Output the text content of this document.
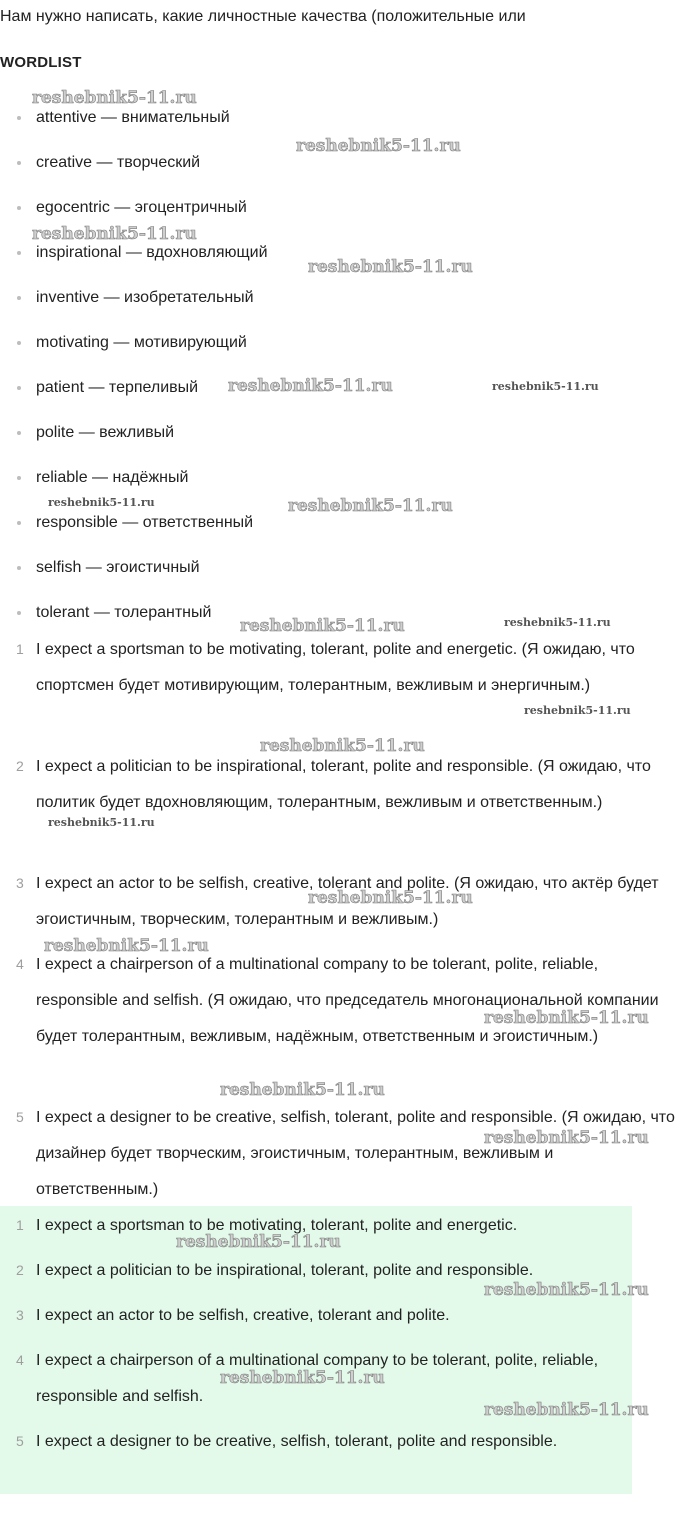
Нам нужно написать, какие личностные качества (положительные или
WORDLIST
attentive — внимательный
creative — творческий
egocentric — эгоцентричный
inspirational — вдохновляющий
inventive — изобретательный
motivating — мотивирующий
patient — терпеливый
polite — вежливый
reliable — надёжный
responsible — ответственный
selfish — эгоистичный
tolerant — толерантный
1 I expect a sportsman to be motivating, tolerant, polite and energetic. (Я ожидаю, что спортсмен будет мотивирующим, толерантным, вежливым и энергичным.)
2 I expect a politician to be inspirational, tolerant, polite and responsible. (Я ожидаю, что политик будет вдохновляющим, толерантным, вежливым и ответственным.)
3 I expect an actor to be selfish, creative, tolerant and polite. (Я ожидаю, что актёр будет эгоистичным, творческим, толерантным и вежливым.)
4 I expect a chairperson of a multinational company to be tolerant, polite, reliable, responsible and selfish. (Я ожидаю, что председатель многонациональной компании будет толерантным, вежливым, надёжным, ответственным и эгоистичным.)
5 I expect a designer to be creative, selfish, tolerant, polite and responsible. (Я ожидаю, что дизайнер будет творческим, эгоистичным, толерантным, вежливым и ответственным.)
1 I expect a sportsman to be motivating, tolerant, polite and energetic.
2 I expect a politician to be inspirational, tolerant, polite and responsible.
3 I expect an actor to be selfish, creative, tolerant and polite.
4 I expect a chairperson of a multinational company to be tolerant, polite, reliable, responsible and selfish.
5 I expect a designer to be creative, selfish, tolerant, polite and responsible.
reshebnik5-11.ru
reshebnik5-11.ru
reshebnik5-11.ru
reshebnik5-11.ru
reshebnik5-11.ru	reshebnik5-11.ru
reshebnik5-11.ru	reshebnik5-11.ru
reshebnik5-11.ru	reshebnik5-11.ru
reshebnik5-11.ru
reshebnik5-11.ru
reshebnik5-11.ru
reshebnik5-11.ru
reshebnik5-11.ru
reshebnik5-11.ru
reshebnik5-11.ru
reshebnik5-11.ru
reshebnik5-11.ru
reshebnik5-11.ru
reshebnik5-11.ru
reshebnik5-11.ru
